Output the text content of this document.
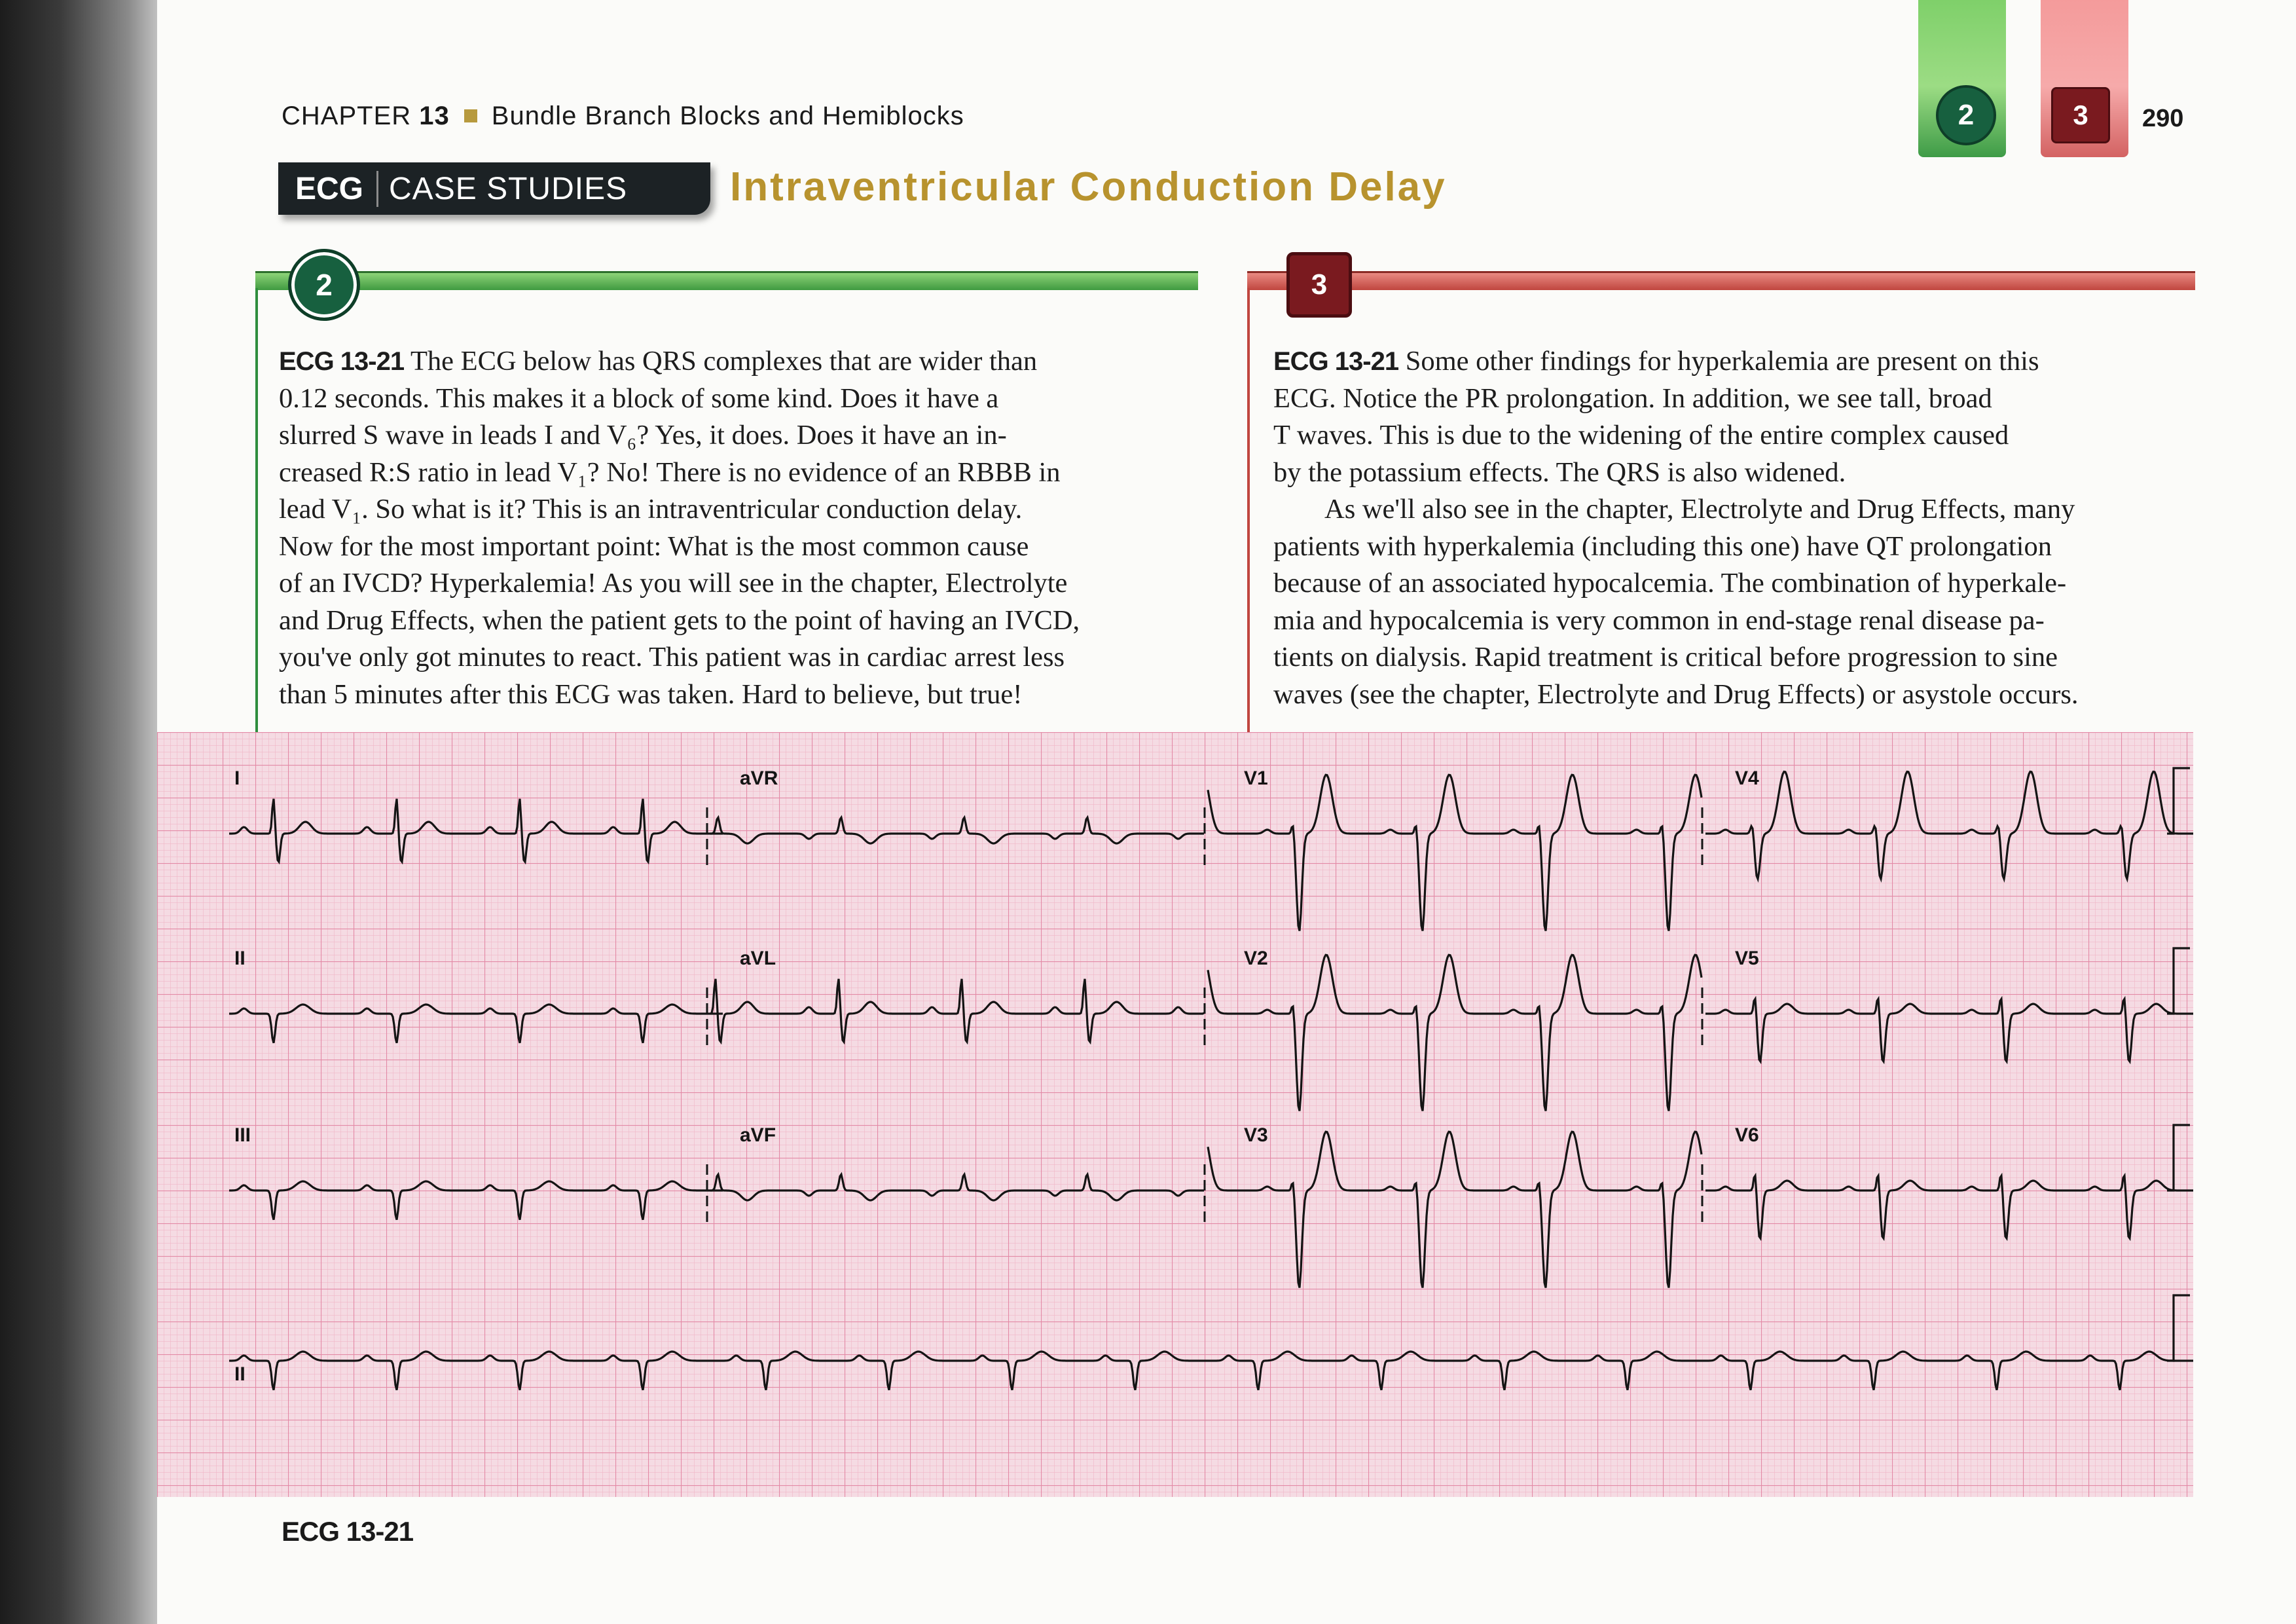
2	3
CHAPTER 13 Bundle Branch Blocks and Hemiblocks	290
ECG CASE STUDIES	Intraventricular Conduction Delay
2

ECG 13-21 The ECG below has QRS complexes that are wider than

0.12 seconds. This makes it a block of some kind. Does it have a

slurred S wave in leads I and V₆? Yes, it does. Does it have an in-

creased R:S ratio in lead V₁? No! There is no evidence of an RBBB in

lead V₁. So what is it? This is an intraventricular conduction delay.

Now for the most important point: What is the most common cause

of an IVCD? Hyperkalemia! As you will see in the chapter, Electrolyte

and Drug Effects, when the patient gets to the point of having an IVCD,

you've only got minutes to react. This patient was in cardiac arrest less

than 5 minutes after this ECG was taken. Hard to believe, but true!

3

ECG 13-21 Some other findings for hyperkalemia are present on this

ECG. Notice the PR prolongation. In addition, we see tall, broad

T waves. This is due to the widening of the entire complex caused

by the potassium effects. The QRS is also widened.

As we'll also see in the chapter, Electrolyte and Drug Effects, many

patients with hyperkalemia (including this one) have QT prolongation

because of an associated hypocalcemia. The combination of hyperkale-

mia and hypocalcemia is very common in end-stage renal disease pa-

tients on dialysis. Rapid treatment is critical before progression to sine

waves (see the chapter, Electrolyte and Drug Effects) or asystole occurs.

I	aVR	V1	V4
II	aVL	V2	V5
III	aVF	V3	V6
II
ECG 13-21
